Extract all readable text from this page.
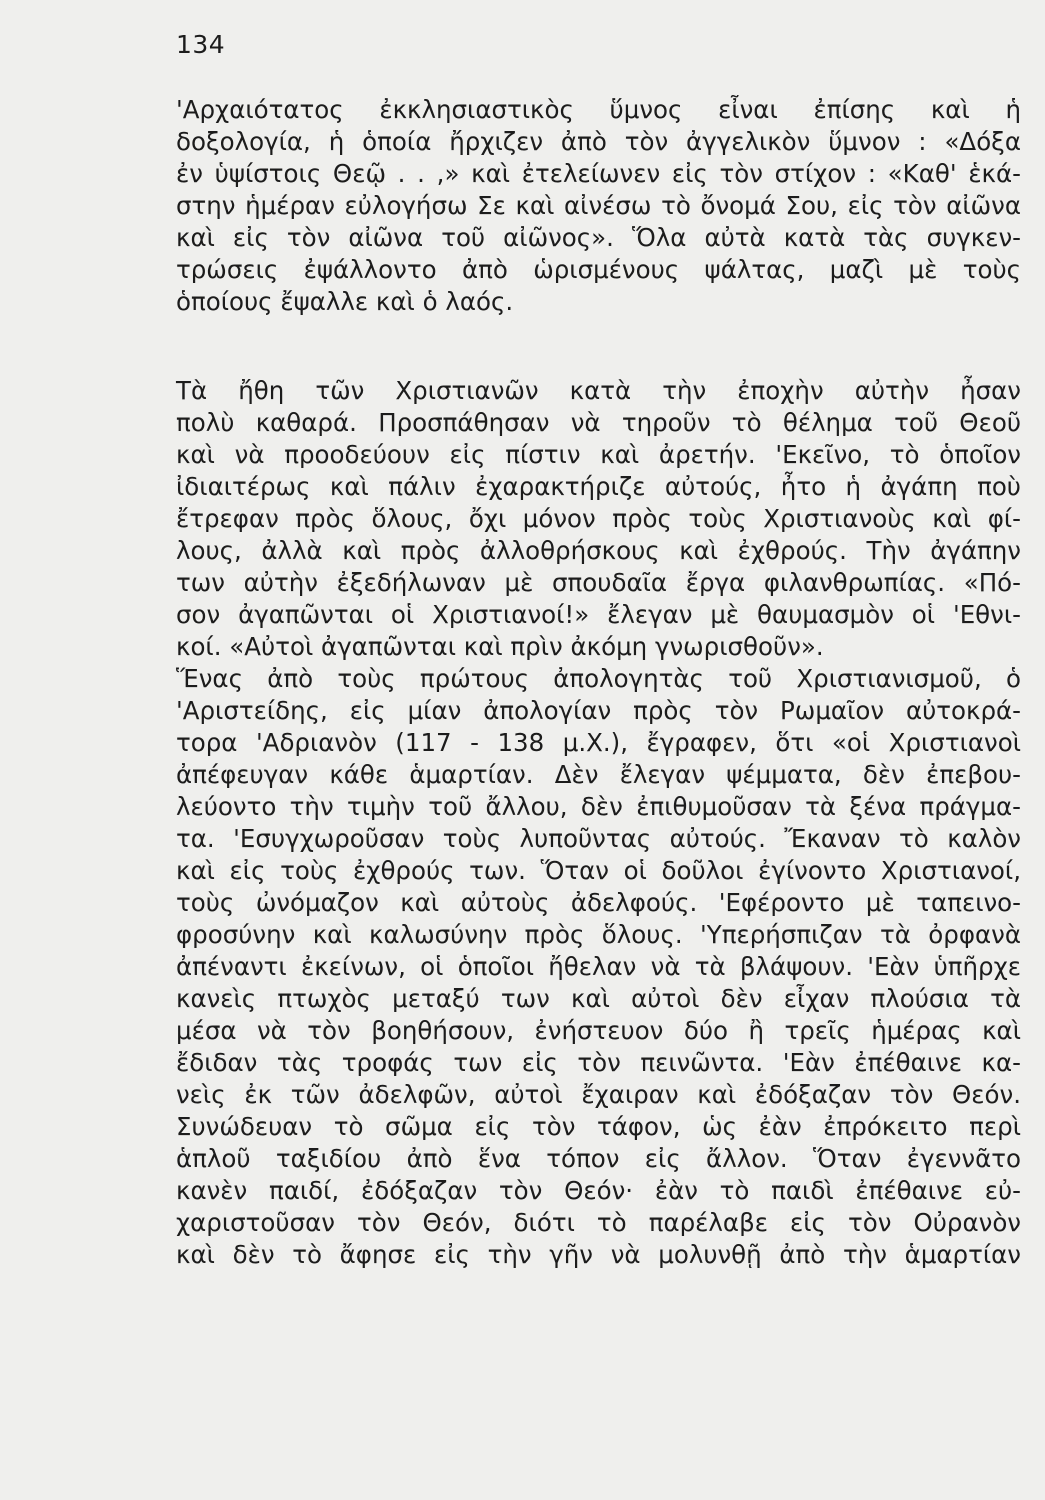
134
'Αρχαιότατος ἐκκλησιαστικὸς ὕμνος εἶναι ἐπίσης καὶ ἡ
δοξολογία, ἡ ὁποία ἤρχιζεν ἀπὸ τὸν ἀγγελικὸν ὕμνον : «Δόξα
ἐν ὑψίστοις Θεῷ . . ,» καὶ ἐτελείωνεν εἰς τὸν στίχον : «Καθ' ἑκά-
στην ἡμέραν εὐλογήσω Σε καὶ αἰνέσω τὸ ὄνομά Σου, εἰς τὸν αἰῶνα
καὶ εἰς τὸν αἰῶνα τοῦ αἰῶνος». Ὅλα αὐτὰ κατὰ τὰς συγκεν-
τρώσεις ἐψάλλοντο ἀπὸ ὡρισμένους ψάλτας, μαζὶ μὲ τοὺς
ὁποίους ἔψαλλε καὶ ὁ λαός.
Τὰ ἤθη τῶν Χριστιανῶν κατὰ τὴν ἐποχὴν αὐτὴν ἦσαν
πολὺ καθαρά. Προσπάθησαν νὰ τηροῦν τὸ θέλημα τοῦ Θεοῦ
καὶ νὰ προοδεύουν εἰς πίστιν καὶ ἀρετήν. 'Εκεῖνο, τὸ ὁποῖον
ἰδιαιτέρως καὶ πάλιν ἐχαρακτήριζε αὐτούς, ἦτο ἡ ἀγάπη ποὺ
ἔτρεφαν πρὸς ὅλους, ὄχι μόνον πρὸς τοὺς Χριστιανοὺς καὶ φί-
λους, ἀλλὰ καὶ πρὸς ἀλλοθρήσκους καὶ ἐχθρούς. Τὴν ἀγάπην
των αὐτὴν ἐξεδήλωναν μὲ σπουδαῖα ἔργα φιλανθρωπίας. «Πό-
σον ἀγαπῶνται οἱ Χριστιανοί!» ἔλεγαν μὲ θαυμασμὸν οἱ 'Εθνι-
κοί. «Αὐτοὶ ἀγαπῶνται καὶ πρὶν ἀκόμη γνωρισθοῦν».
Ἕνας ἀπὸ τοὺς πρώτους ἀπολογητὰς τοῦ Χριστιανισμοῦ, ὁ
'Αριστείδης, εἰς μίαν ἀπολογίαν πρὸς τὸν Ρωμαῖον αὐτοκρά-
τορα 'Αδριανὸν (117 - 138 μ.Χ.), ἔγραφεν, ὅτι «οἱ Χριστιανοὶ
ἀπέφευγαν κάθε ἁμαρτίαν. Δὲν ἔλεγαν ψέμματα, δὲν ἐπεβου-
λεύοντο τὴν τιμὴν τοῦ ἄλλου, δὲν ἐπιθυμοῦσαν τὰ ξένα πράγμα-
τα. 'Εσυγχωροῦσαν τοὺς λυποῦντας αὐτούς. Ἔκαναν τὸ καλὸν
καὶ εἰς τοὺς ἐχθρούς των. Ὅταν οἱ δοῦλοι ἐγίνοντο Χριστιανοί,
τοὺς ὠνόμαζον καὶ αὐτοὺς ἀδελφούς. 'Εφέροντο μὲ ταπεινο-
φροσύνην καὶ καλωσύνην πρὸς ὅλους. 'Υπερήσπιζαν τὰ ὀρφανὰ
ἀπέναντι ἐκείνων, οἱ ὁποῖοι ἤθελαν νὰ τὰ βλάψουν. 'Εὰν ὑπῆρχε
κανεὶς πτωχὸς μεταξύ των καὶ αὐτοὶ δὲν εἶχαν πλούσια τὰ
μέσα νὰ τὸν βοηθήσουν, ἐνήστευον δύο ἢ τρεῖς ἡμέρας καὶ
ἔδιδαν τὰς τροφάς των εἰς τὸν πεινῶντα. 'Εὰν ἐπέθαινε κα-
νεὶς ἐκ τῶν ἀδελφῶν, αὐτοὶ ἔχαιραν καὶ ἐδόξαζαν τὸν Θεόν.
Συνώδευαν τὸ σῶμα εἰς τὸν τάφον, ὡς ἐὰν ἐπρόκειτο περὶ
ἁπλοῦ ταξιδίου ἀπὸ ἕνα τόπον εἰς ἄλλον. Ὅταν ἐγεννᾶτο
κανὲν παιδί, ἐδόξαζαν τὸν Θεόν· ἐὰν τὸ παιδὶ ἐπέθαινε εὐ-
χαριστοῦσαν τὸν Θεόν, διότι τὸ παρέλαβε εἰς τὸν Οὐρανὸν
καὶ δὲν τὸ ἄφησε εἰς τὴν γῆν νὰ μολυνθῇ ἀπὸ τὴν ἁμαρτίαν
